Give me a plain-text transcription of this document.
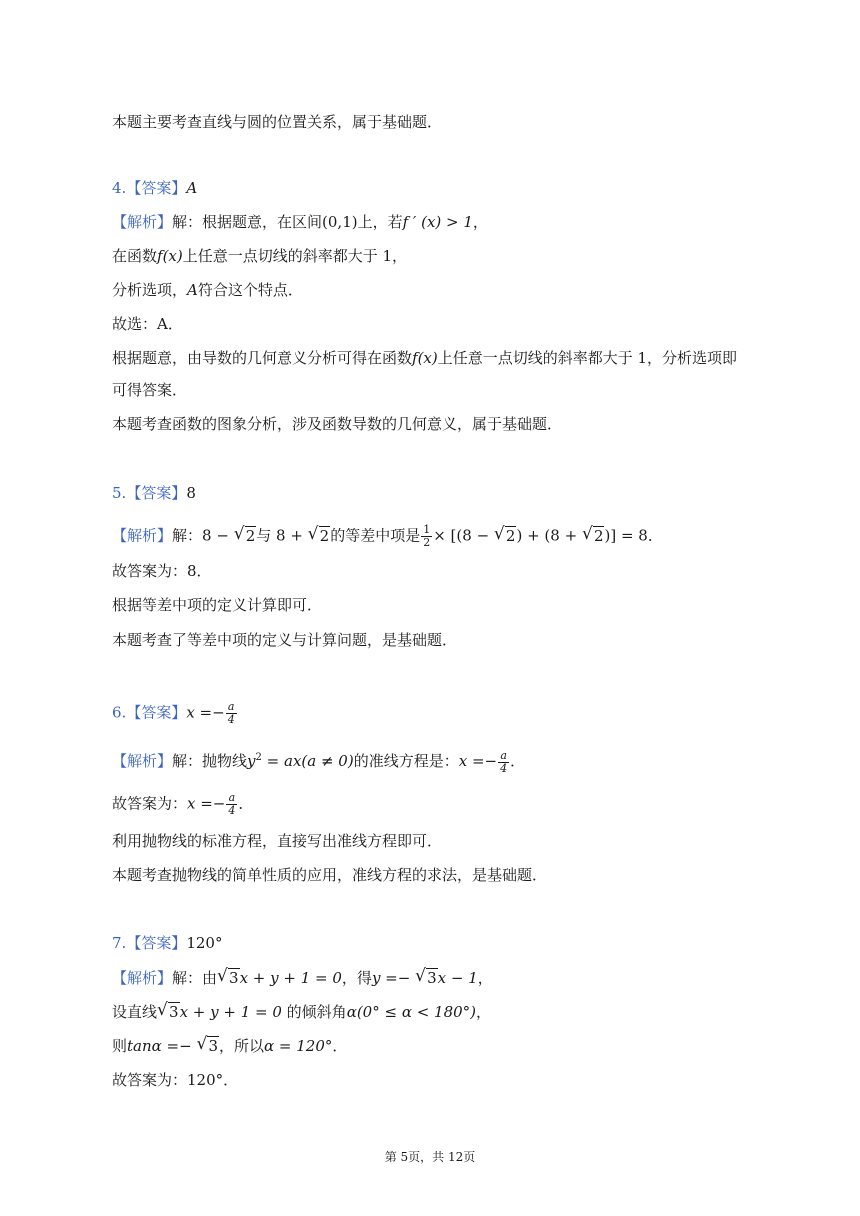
本题主要考查直线与圆的位置关系，属于基础题．
4.【答案】A
【解析】解：根据题意，在区间(0,1)上，若f ′ (x) > 1，
在函数f(x)上任意一点切线的斜率都大于 1，
分析选项，A符合这个特点．
故选：A．
根据题意，由导数的几何意义分析可得在函数f(x)上任意一点切线的斜率都大于 1，分析选项即
可得答案．
本题考查函数的图象分析，涉及函数导数的几何意义，属于基础题．
5.【答案】8
【解析】解：8 − √ 2与 8 + √ 2的等差中项是 $\frac{1}{2} \times [(8$ − √ 2) + (8 + √ 2)] = 8．
故答案为：8．
根据等差中项的定义计算即可．
本题考查了等差中项的定义与计算问题，是基础题．
6.【答案】$x =- \frac{a}{4}$
【解析】解：抛物线$y^2 = ax(a \ne 0)$的准线方程是：$x =- \frac{a}{4}$ ．
故答案为：$x =- \frac{a}{4}$ ．
利用抛物线的标准方程，直接写出准线方程即可．
本题考查抛物线的简单性质的应用，准线方程的求法，是基础题．
7.【答案】120°
【解析】解：由 √ 3x + y + 1 = 0，得y =− √ 3x − 1，
设直线 √ 3x + y + 1 = 0 的倾斜角α(0° ≤ α < 180°)，
则tanα =− √ 3，所以α = 120°．
故答案为：120°．
第 5页，共 12页
